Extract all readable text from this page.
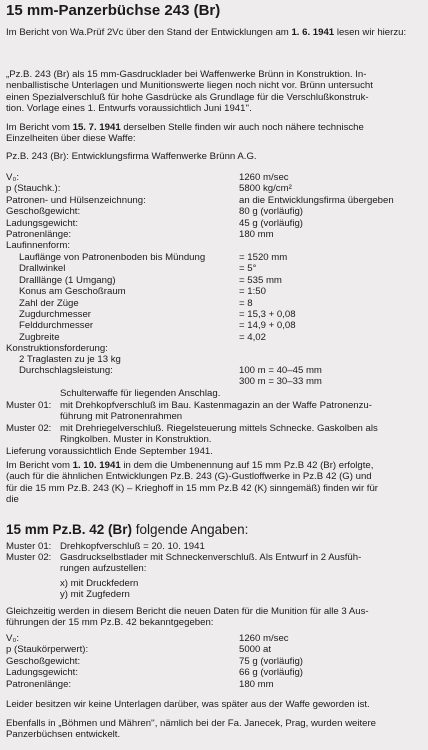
15 mm-Panzerbüchse 243 (Br)
Im Bericht von Wa.Prüf 2Vc über den Stand der Entwicklungen am 1. 6. 1941 lesen wir hierzu:
„Pz.B. 243 (Br) als 15 mm-Gasdrucklader bei Waffenwerke Brünn in Konstruktion. In-
nenballistische Unterlagen und Munitionswerte liegen noch nicht vor. Brünn untersucht
einen Spezialverschluß für hohe Gasdrücke als Grundlage für die Verschlußkonstruk-
tion. Vorlage eines 1. Entwurfs voraussichtlich Juni 1941''.
Im Bericht vom 15. 7. 1941 derselben Stelle finden wir auch noch nähere technische
Einzelheiten über diese Waffe:
Pz.B. 243 (Br): Entwicklungsfirma Waffenwerke Brünn A.G.
V₀:
p (Stauchk.):
Patronen- und Hülsenzeichnung:
Geschoßgewicht:
Ladungsgewicht:
Patronenlänge:
Laufinnenform:
1260 m/sec
5800 kg/cm²
an die Entwicklungsfirma übergeben
80 g (vorläufig)
45 g (vorläufig)
180 mm
Lauflänge von Patronenboden bis Mündung
Drallwinkel
Dralllänge (1 Umgang)
Konus am Geschoßraum
Zahl der Züge
Zugdurchmesser
Felddurchmesser
Zugbreite
= 1520 mm
= 5°
= 535 mm
= 1:50
= 8
= 15,3 + 0,08
= 14,9 + 0,08
= 4,02
Konstruktionsforderung:
2 Traglasten zu je 13 kg
Durchschlagsleistung:	100 m = 40–45 mm
300 m = 30–33 mm
Schulterwaffe für liegenden Anschlag.
Muster 01: mit Drehkopfverschluß im Bau. Kastenmagazin an der Waffe Patronenzu-
führung mit Patronenrahmen
Muster 02: mit Drehriegelverschluß. Riegelsteuerung mittels Schnecke. Gaskolben als
Ringkolben. Muster in Konstruktion.
Lieferung voraussichtlich Ende September 1941.
Im Bericht vom 1. 10. 1941 in dem die Umbenennung auf 15 mm Pz.B 42 (Br) erfolgte,
(auch für die ähnlichen Entwicklungen Pz.B. 243 (G)-Gustloffwerke in Pz.B 42 (G) und
für die 15 mm Pz.B. 243 (K) – Krieghoff in 15 mm Pz.B 42 (K) sinngemäß) finden wir für
die
15 mm Pz.B. 42 (Br) folgende Angaben:
Muster 01: Drehkopfverschluß = 20. 10. 1941
Muster 02: Gasdruckselbstlader mit Schneckenverschluß. Als Entwurf in 2 Ausfüh-
rungen aufzustellen:
x) mit Druckfedern
y) mit Zugfedern
Gleichzeitig werden in diesem Bericht die neuen Daten für die Munition für alle 3 Aus-
führungen der 15 mm Pz.B. 42 bekanntgegeben:
V₀:
p (Staukörperwert):
Geschoßgewicht:
Ladungsgewicht:
Patronenlänge:
1260 m/sec
5000 at
75 g (vorläufig)
66 g (vorläufig)
180 mm
Leider besitzen wir keine Unterlagen darüber, was später aus der Waffe geworden ist.
Ebenfalls in „Böhmen und Mähren'', nämlich bei der Fa. Janecek, Prag, wurden weitere
Panzerbüchsen entwickelt.
